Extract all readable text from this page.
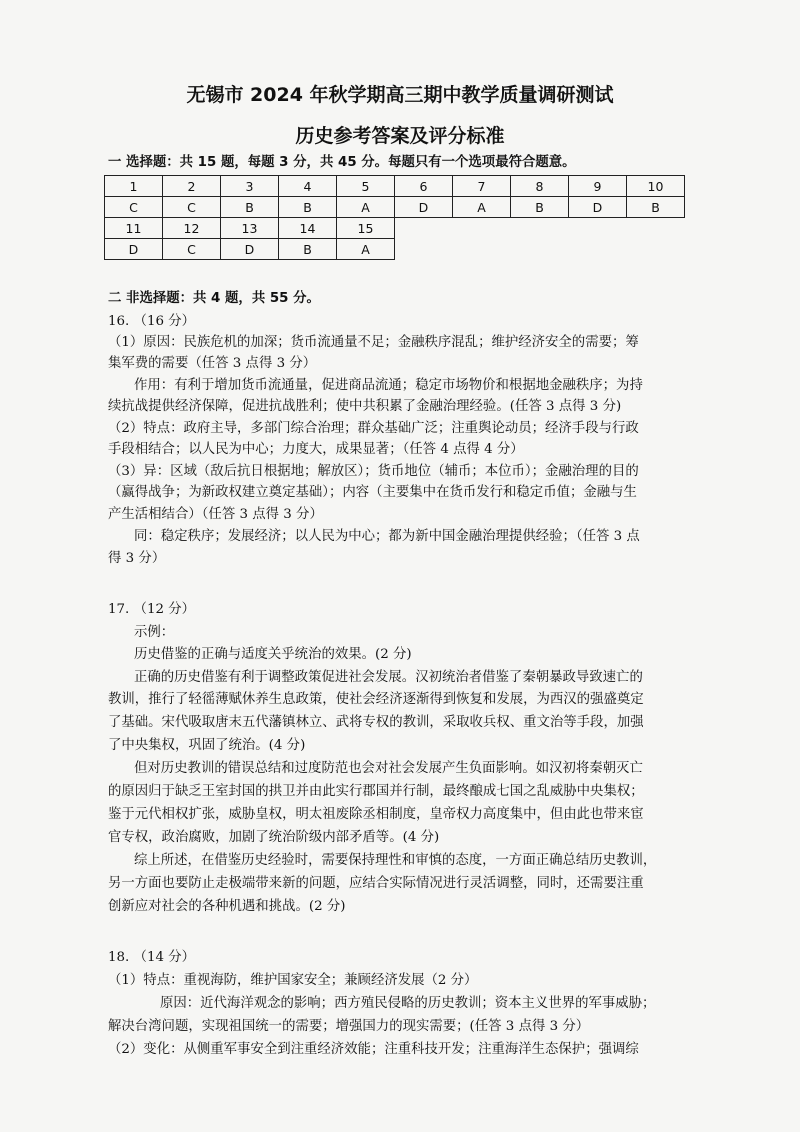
无锡市 2024 年秋学期高三期中教学质量调研测试
历史参考答案及评分标准
一 选择题：共 15 题，每题 3 分，共 45 分。每题只有一个选项最符合题意。
1	2	3	4	5	6	7	8	9	10
C	C	B	B	A	D	A	B	D	B
11	12	13	14	15					
D	C	D	B	A					
二 非选择题：共 4 题，共 55 分。
16. （16 分）
（1）原因：民族危机的加深；货币流通量不足；金融秩序混乱；维护经济安全的需要；筹
集军费的需要（任答 3 点得 3 分）
作用：有利于增加货币流通量，促进商品流通；稳定市场物价和根据地金融秩序；为持
续抗战提供经济保障，促进抗战胜利；使中共积累了金融治理经验。(任答 3 点得 3 分)
（2）特点：政府主导，多部门综合治理；群众基础广泛；注重舆论动员；经济手段与行政
手段相结合；以人民为中心；力度大，成果显著；（任答 4 点得 4 分）
（3）异：区域（敌后抗日根据地；解放区）；货币地位（辅币；本位币）；金融治理的目的
（赢得战争；为新政权建立奠定基础）；内容（主要集中在货币发行和稳定币值；金融与生
产生活相结合）（任答 3 点得 3 分）
同：稳定秩序；发展经济；以人民为中心；都为新中国金融治理提供经验；（任答 3 点
得 3 分）
17. （12 分）
示例：
历史借鉴的正确与适度关乎统治的效果。(2 分)
正确的历史借鉴有利于调整政策促进社会发展。汉初统治者借鉴了秦朝暴政导致速亡的
教训，推行了轻徭薄赋休养生息政策，使社会经济逐渐得到恢复和发展，为西汉的强盛奠定
了基础。宋代吸取唐末五代藩镇林立、武将专权的教训，采取收兵权、重文治等手段，加强
了中央集权，巩固了统治。(4 分)
但对历史教训的错误总结和过度防范也会对社会发展产生负面影响。如汉初将秦朝灭亡
的原因归于缺乏王室封国的拱卫并由此实行郡国并行制，最终酿成七国之乱威胁中央集权；
鉴于元代相权扩张，威胁皇权，明太祖废除丞相制度，皇帝权力高度集中，但由此也带来宦
官专权，政治腐败，加剧了统治阶级内部矛盾等。(4 分)
综上所述，在借鉴历史经验时，需要保持理性和审慎的态度，一方面正确总结历史教训，
另一方面也要防止走极端带来新的问题，应结合实际情况进行灵活调整，同时，还需要注重
创新应对社会的各种机遇和挑战。(2 分)
18. （14 分）
（1）特点：重视海防，维护国家安全；兼顾经济发展（2 分）
原因：近代海洋观念的影响；西方殖民侵略的历史教训；资本主义世界的军事威胁；
解决台湾问题，实现祖国统一的需要；增强国力的现实需要；(任答 3 点得 3 分）
（2）变化：从侧重军事安全到注重经济效能；注重科技开发；注重海洋生态保护；强调综
